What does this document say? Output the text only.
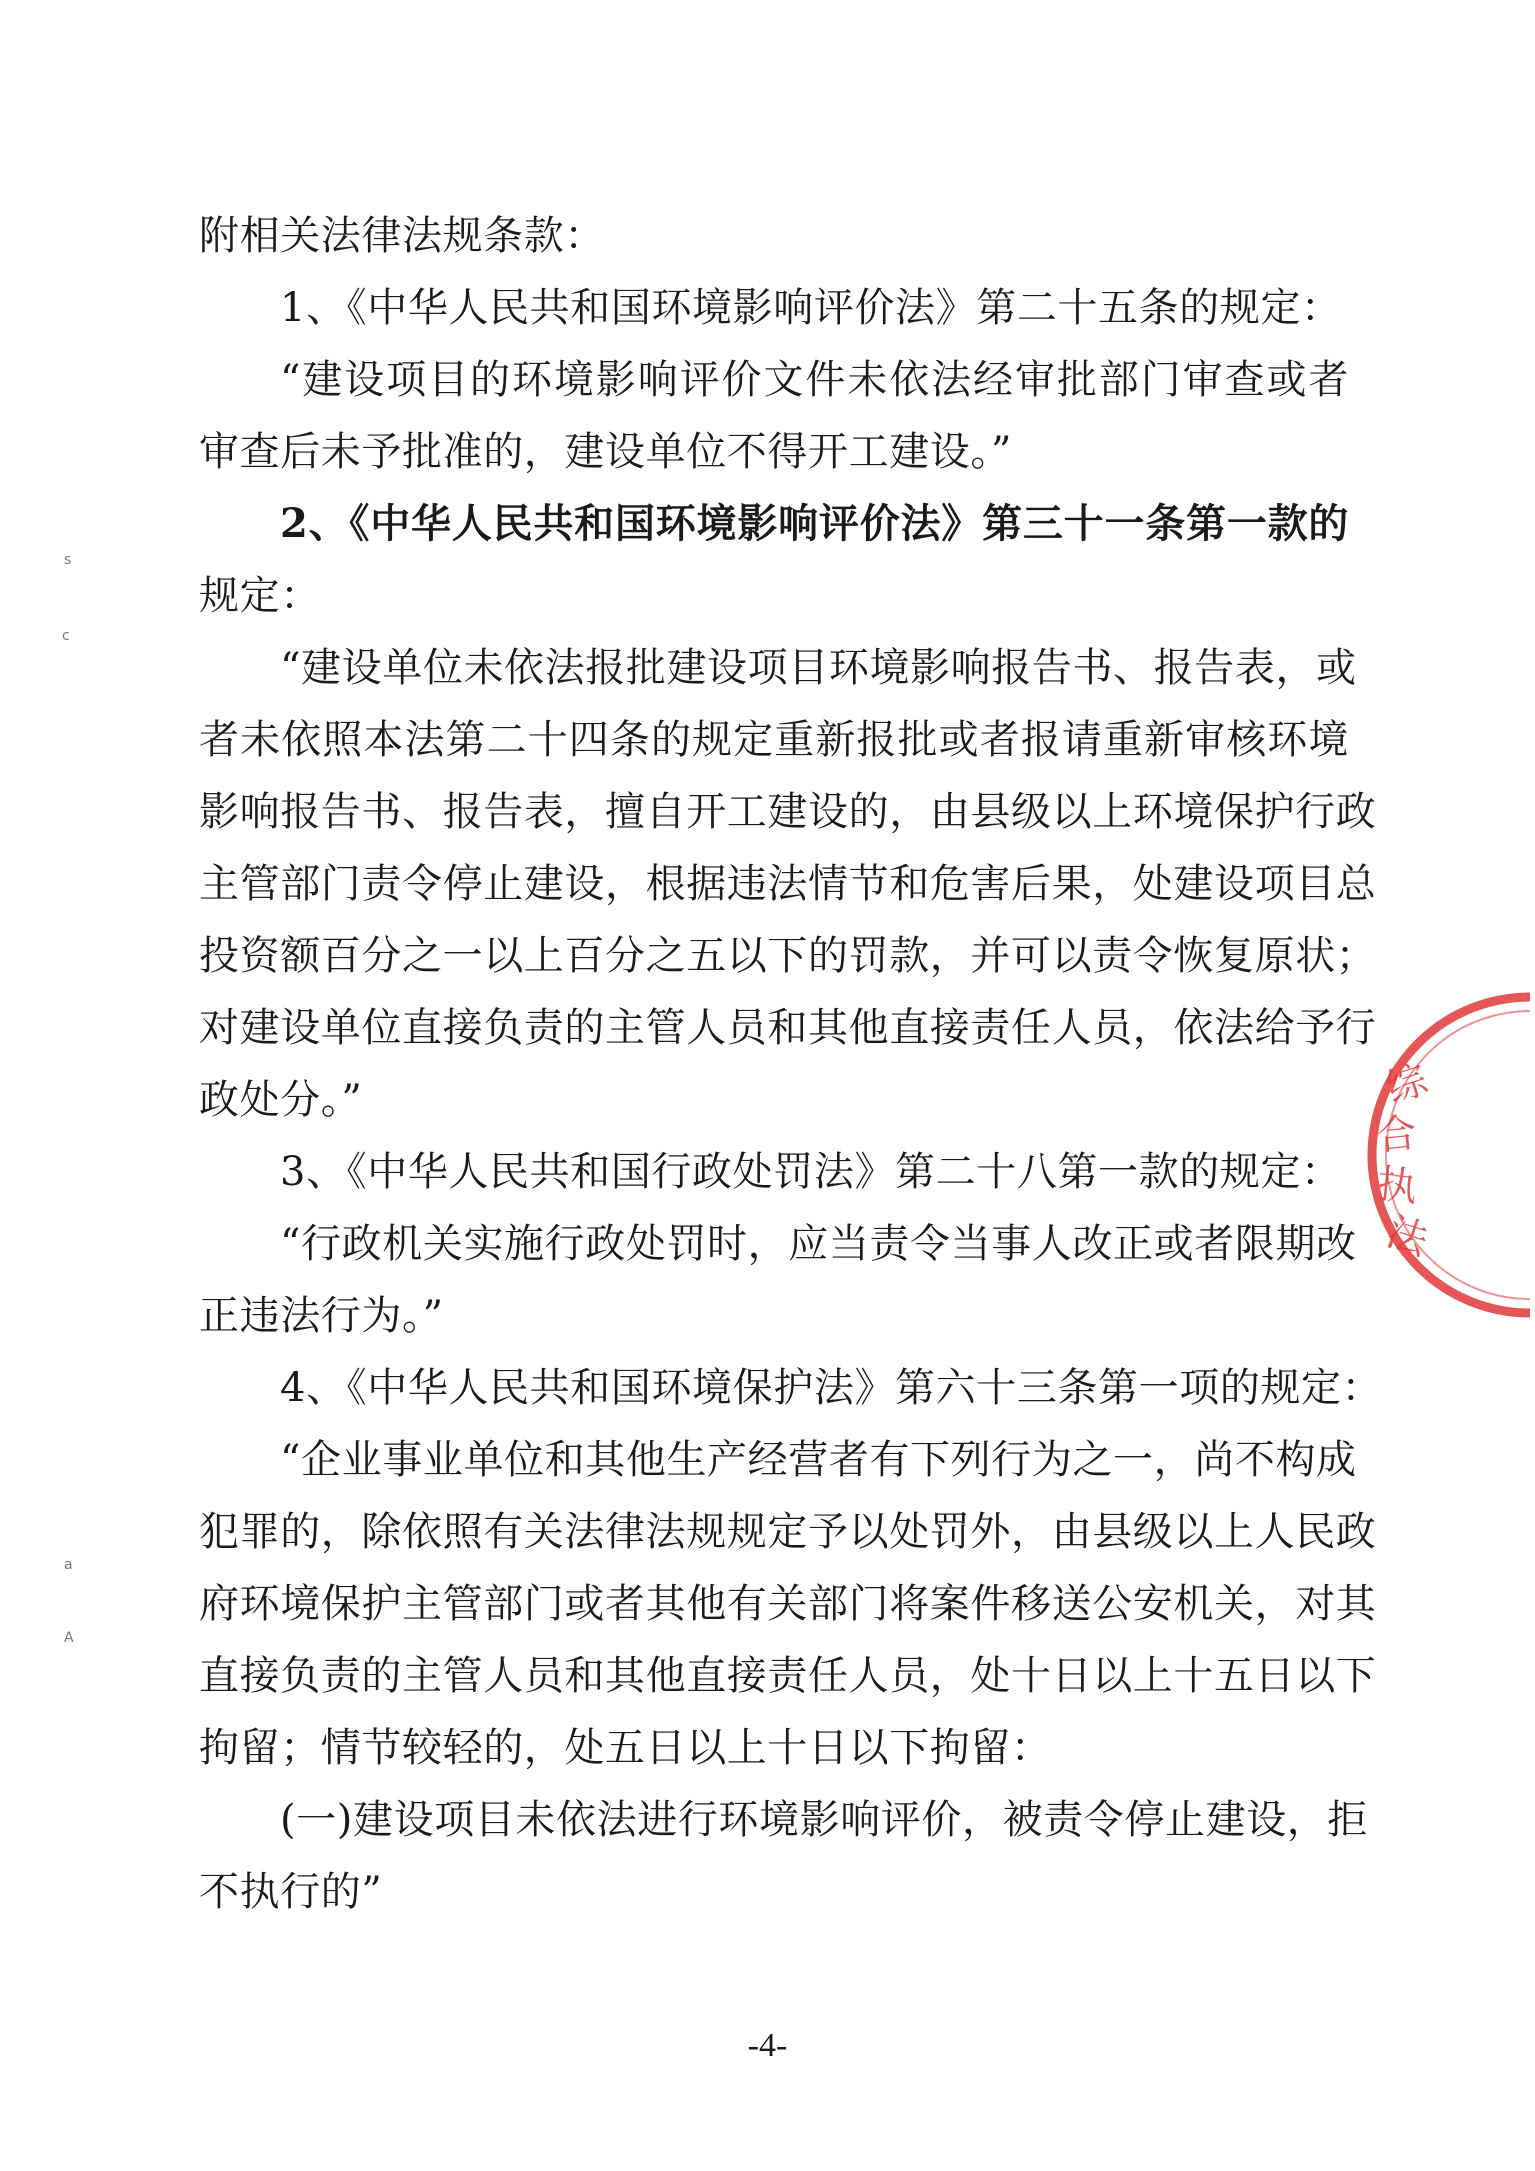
附相关法律法规条款：
1、《中华人民共和国环境影响评价法》第二十五条的规定：
“建设项目的环境影响评价文件未依法经审批部门审查或者
审查后未予批准的，建设单位不得开工建设。”
2、《中华人民共和国环境影响评价法》第三十一条第一款的
规定：
“建设单位未依法报批建设项目环境影响报告书、报告表，或
者未依照本法第二十四条的规定重新报批或者报请重新审核环境
影响报告书、报告表，擅自开工建设的，由县级以上环境保护行政
主管部门责令停止建设，根据违法情节和危害后果，处建设项目总
投资额百分之一以上百分之五以下的罚款，并可以责令恢复原状；
对建设单位直接负责的主管人员和其他直接责任人员，依法给予行
政处分。”
3、《中华人民共和国行政处罚法》第二十八第一款的规定：
“行政机关实施行政处罚时，应当责令当事人改正或者限期改
正违法行为。”
4、《中华人民共和国环境保护法》第六十三条第一项的规定：
“企业事业单位和其他生产经营者有下列行为之一，尚不构成
犯罪的，除依照有关法律法规规定予以处罚外，由县级以上人民政
府环境保护主管部门或者其他有关部门将案件移送公安机关，对其
直接负责的主管人员和其他直接责任人员，处十日以上十五日以下
拘留；情节较轻的，处五日以上十日以下拘留：
(一)建设项目未依法进行环境影响评价，被责令停止建设，拒
不执行的”
-4-
s
c
a
A
综
合
执
法
